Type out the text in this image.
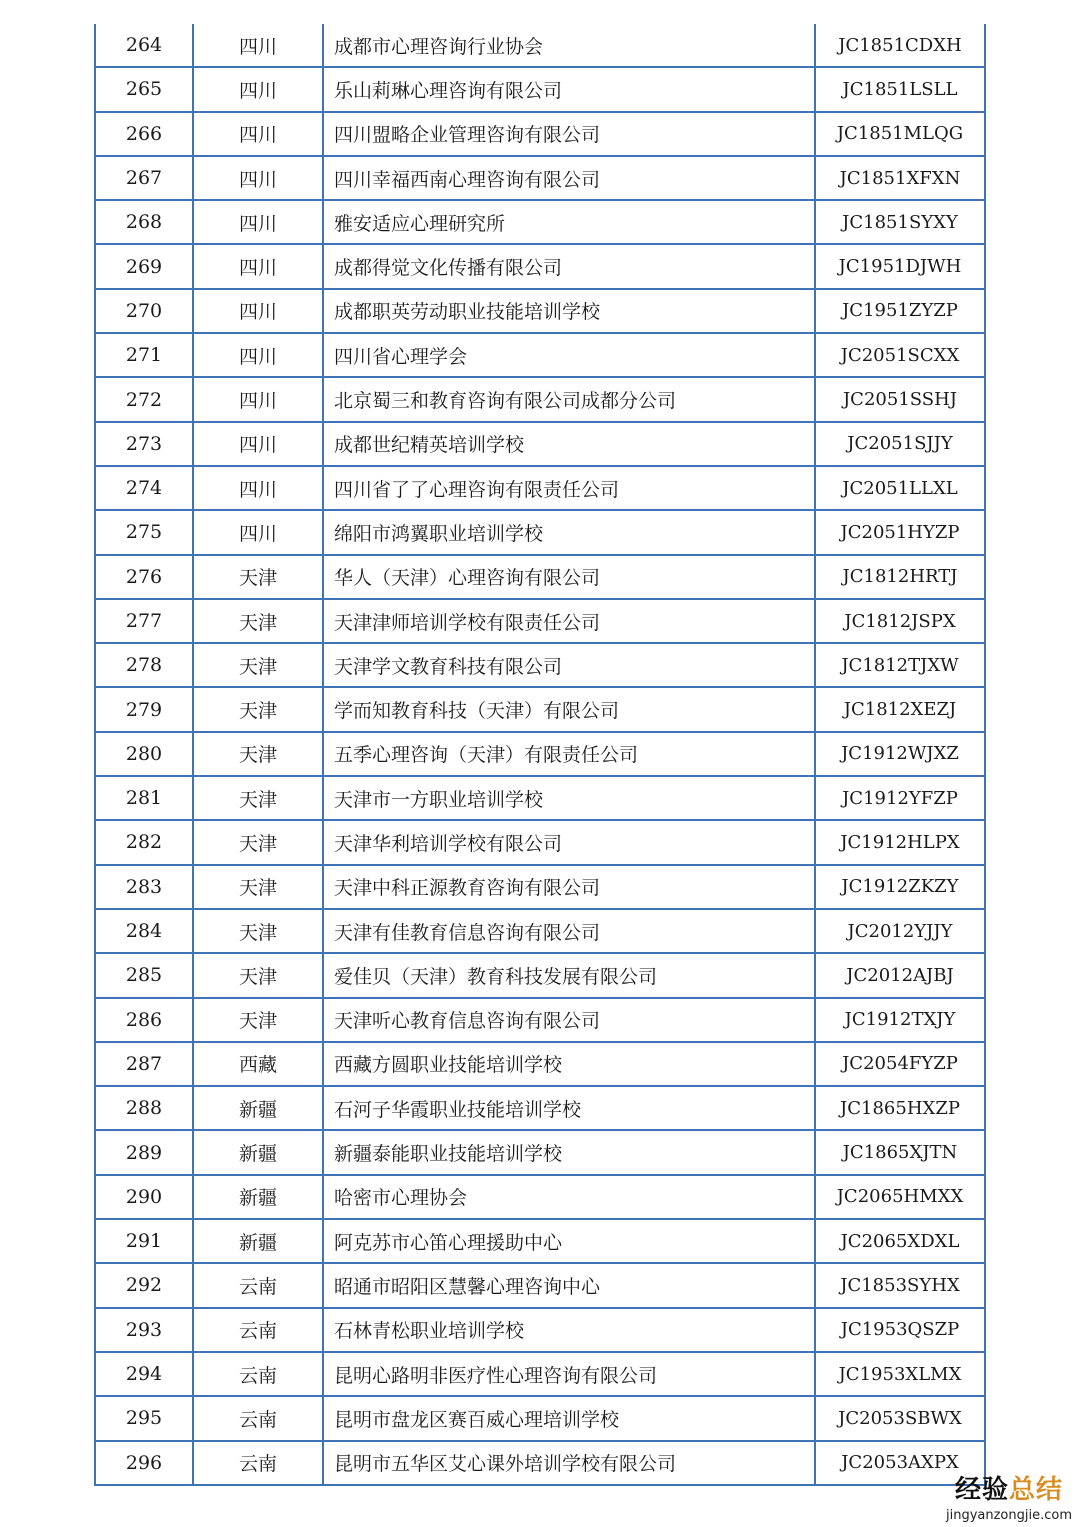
264	四川	成都市心理咨询行业协会	JC1851CDXH
265	四川	乐山莉琳心理咨询有限公司	JC1851LSLL
266	四川	四川盟略企业管理咨询有限公司	JC1851MLQG
267	四川	四川幸福西南心理咨询有限公司	JC1851XFXN
268	四川	雅安适应心理研究所	JC1851SYXY
269	四川	成都得觉文化传播有限公司	JC1951DJWH
270	四川	成都职英劳动职业技能培训学校	JC1951ZYZP
271	四川	四川省心理学会	JC2051SCXX
272	四川	北京蜀三和教育咨询有限公司成都分公司	JC2051SSHJ
273	四川	成都世纪精英培训学校	JC2051SJJY
274	四川	四川省了了心理咨询有限责任公司	JC2051LLXL
275	四川	绵阳市鸿翼职业培训学校	JC2051HYZP
276	天津	华人（天津）心理咨询有限公司	JC1812HRTJ
277	天津	天津津师培训学校有限责任公司	JC1812JSPX
278	天津	天津学文教育科技有限公司	JC1812TJXW
279	天津	学而知教育科技（天津）有限公司	JC1812XEZJ
280	天津	五季心理咨询（天津）有限责任公司	JC1912WJXZ
281	天津	天津市一方职业培训学校	JC1912YFZP
282	天津	天津华利培训学校有限公司	JC1912HLPX
283	天津	天津中科正源教育咨询有限公司	JC1912ZKZY
284	天津	天津有佳教育信息咨询有限公司	JC2012YJJY
285	天津	爱佳贝（天津）教育科技发展有限公司	JC2012AJBJ
286	天津	天津听心教育信息咨询有限公司	JC1912TXJY
287	西藏	西藏方圆职业技能培训学校	JC2054FYZP
288	新疆	石河子华霞职业技能培训学校	JC1865HXZP
289	新疆	新疆泰能职业技能培训学校	JC1865XJTN
290	新疆	哈密市心理协会	JC2065HMXX
291	新疆	阿克苏市心笛心理援助中心	JC2065XDXL
292	云南	昭通市昭阳区慧馨心理咨询中心	JC1853SYHX
293	云南	石林青松职业培训学校	JC1953QSZP
294	云南	昆明心路明非医疗性心理咨询有限公司	JC1953XLMX
295	云南	昆明市盘龙区赛百威心理培训学校	JC2053SBWX
296	云南	昆明市五华区艾心课外培训学校有限公司	JC2053AXPX
经验总结
jingyanzongjie.com
